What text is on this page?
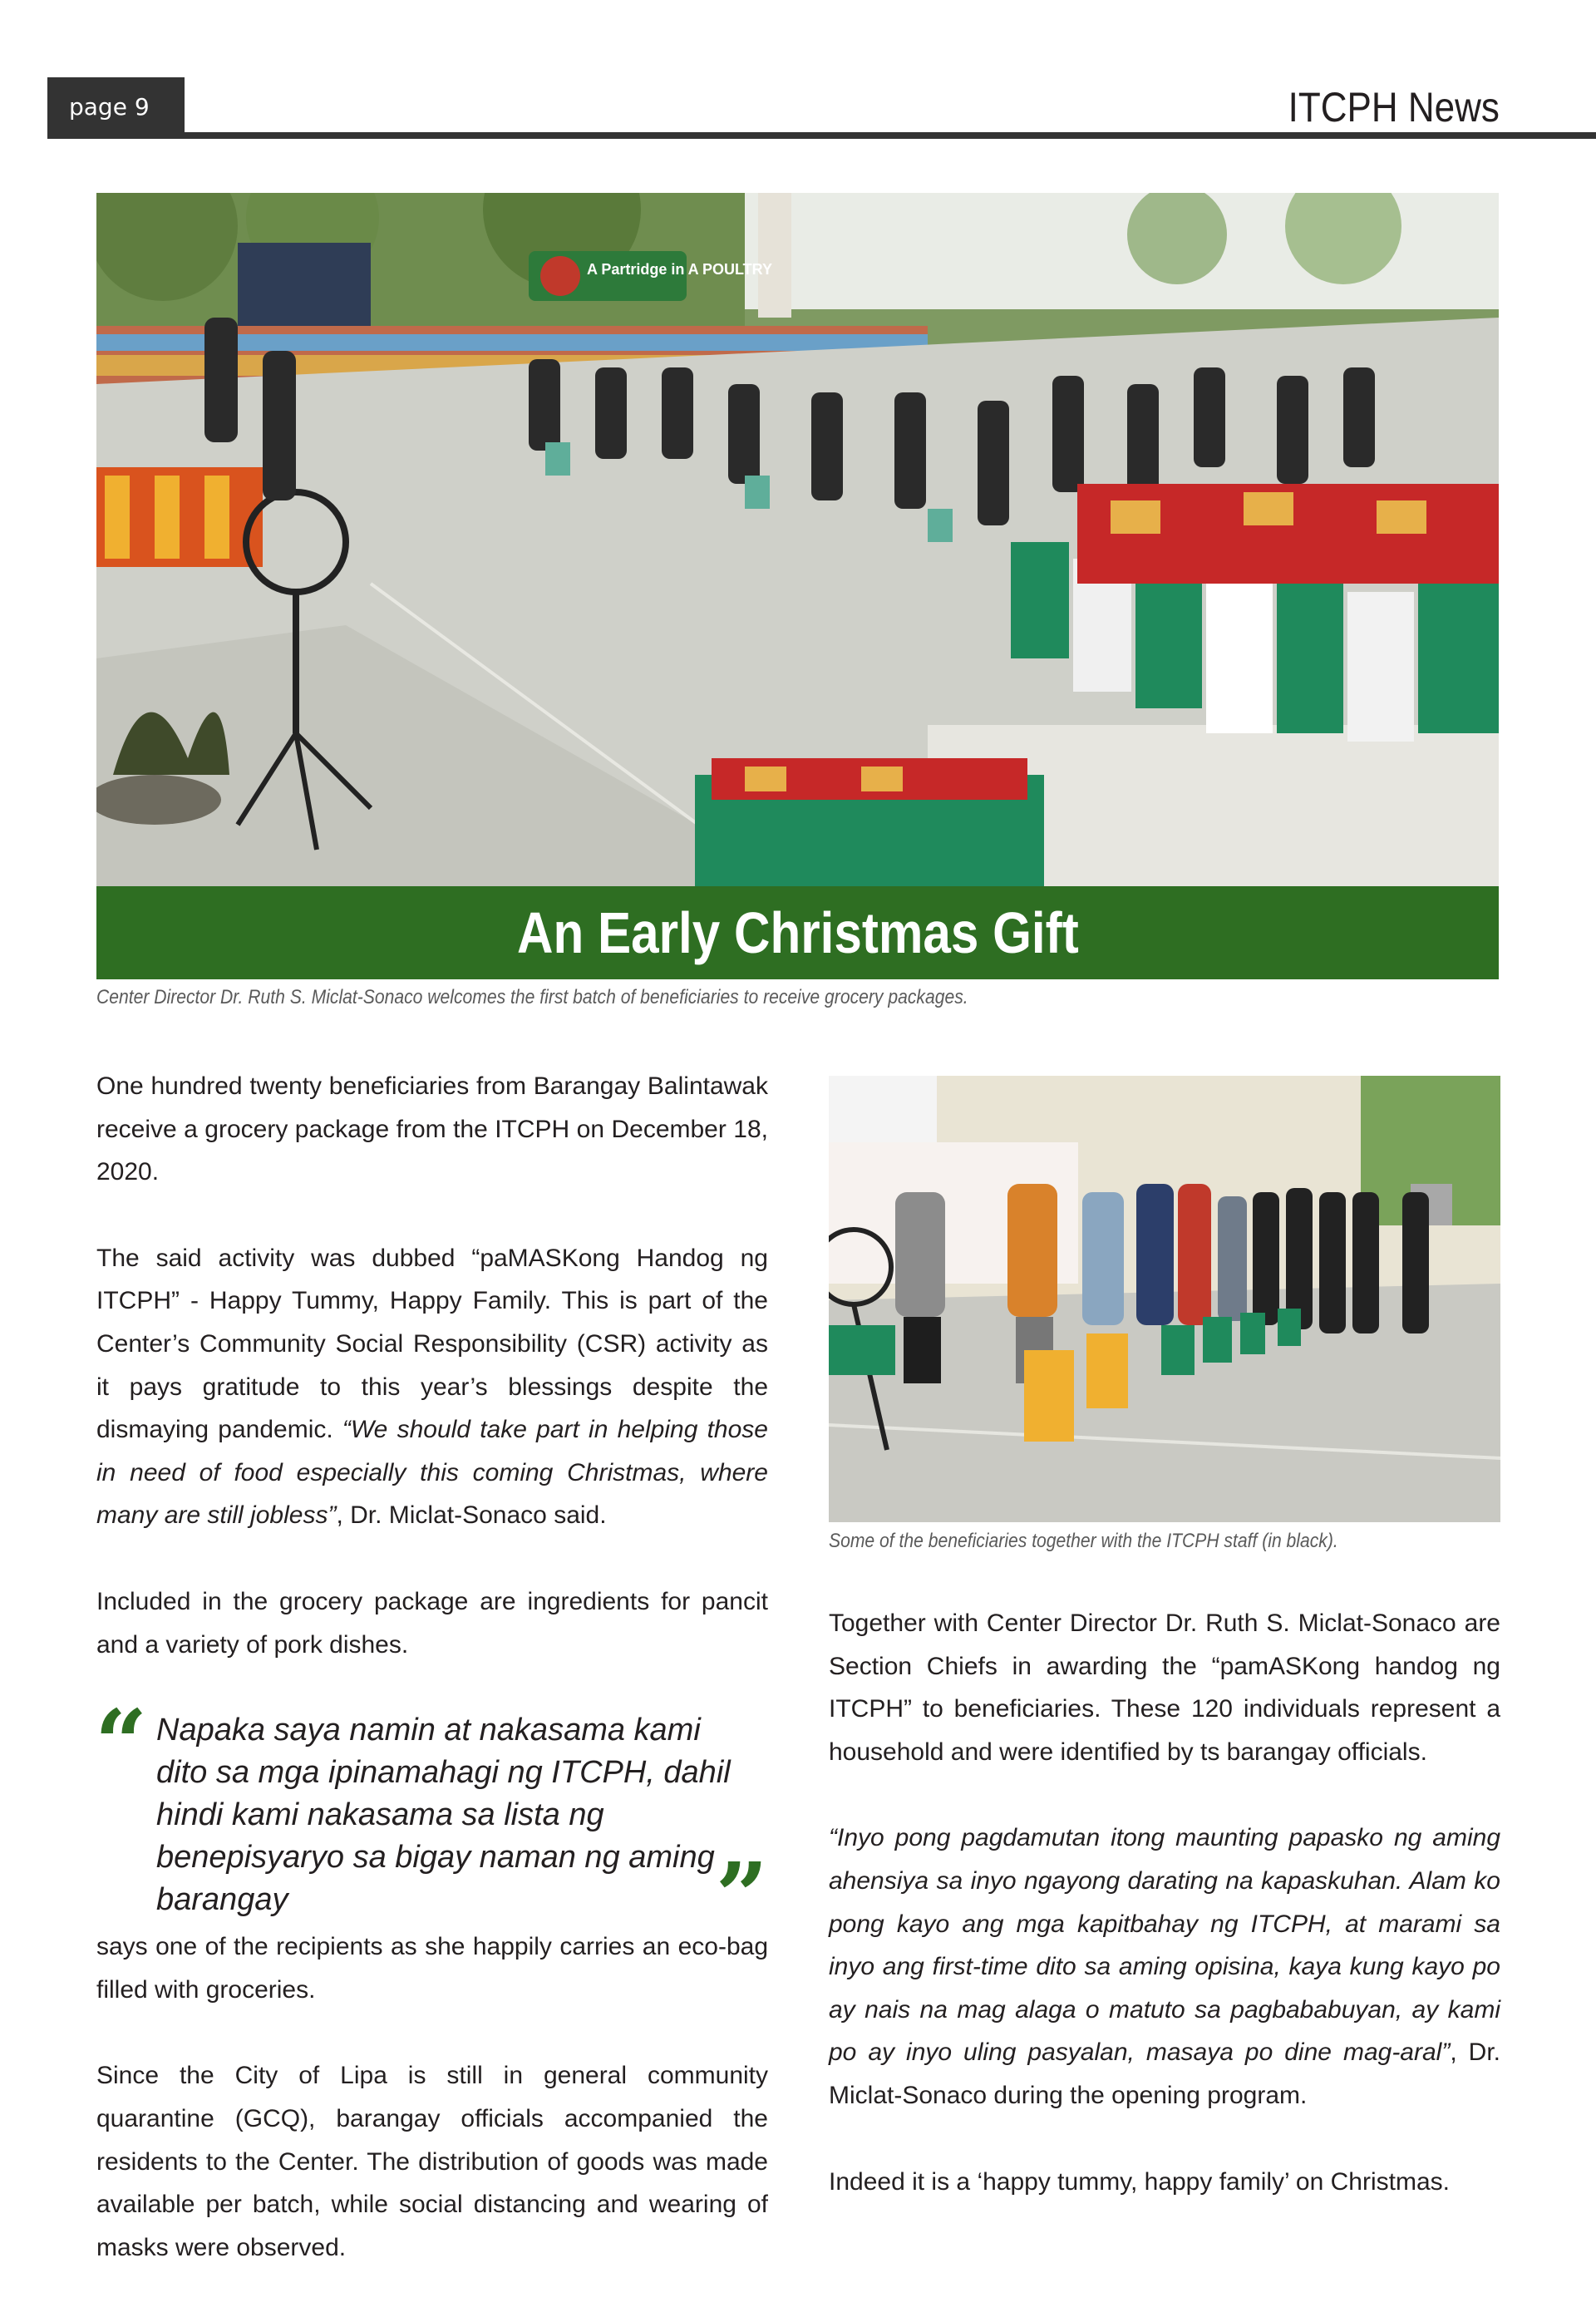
page 9	ITCPH News
A Partridge in A POULTRY
An Early Christmas Gift
Center Director Dr. Ruth S. Miclat-Sonaco welcomes the first batch of beneficiaries to receive grocery packages.
Some of the beneficiaries together with the ITCPH staff (in black).

One hundred twenty beneficiaries from Barangay Balintawak receive a grocery package from the ITCPH on December 18, 2020.

The said activity was dubbed “paMASKong Handog ng ITCPH” - Happy Tummy, Happy Family. This is part of the Center’s Community Social Responsibility (CSR) activity as it pays gratitude to this year’s blessings despite the dismaying pandemic. “We should take part in helping those in need of food especially this coming Christmas, where many are still jobless”, Dr. Miclat-Sonaco said.

Included in the grocery package are ingredients for pancit and a variety of pork dishes.

“ Napaka saya namin at nakasama kami dito sa mga ipinamahagi ng ITCPH, dahil hindi kami nakasama sa lista ng benepisyaryo sa bigay naman ng aming barangay	”

says one of the recipients as she happily carries an eco-bag filled with groceries.

Since the City of Lipa is still in general community quarantine (GCQ), barangay officials accompanied the residents to the Center. The distribution of goods was made available per batch, while social distancing and wearing of masks were observed.

Together with Center Director Dr. Ruth S. Miclat-Sonaco are Section Chiefs in awarding the “pamASKong handog ng ITCPH” to beneficiaries. These 120 individuals represent a household and were identified by ts barangay officials.

“Inyo pong pagdamutan itong maunting papasko ng aming ahensiya sa inyo ngayong darating na kapaskuhan. Alam ko pong kayo ang mga kapitbahay ng ITCPH, at marami sa inyo ang first-time dito sa aming opisina, kaya kung kayo po ay nais na mag alaga o matuto sa pagbababuyan, ay kami po ay inyo uling pasyalan, masaya po dine mag-aral”, Dr. Miclat-Sonaco during the opening program.

Indeed it is a ‘happy tummy, happy family’ on Christmas.
